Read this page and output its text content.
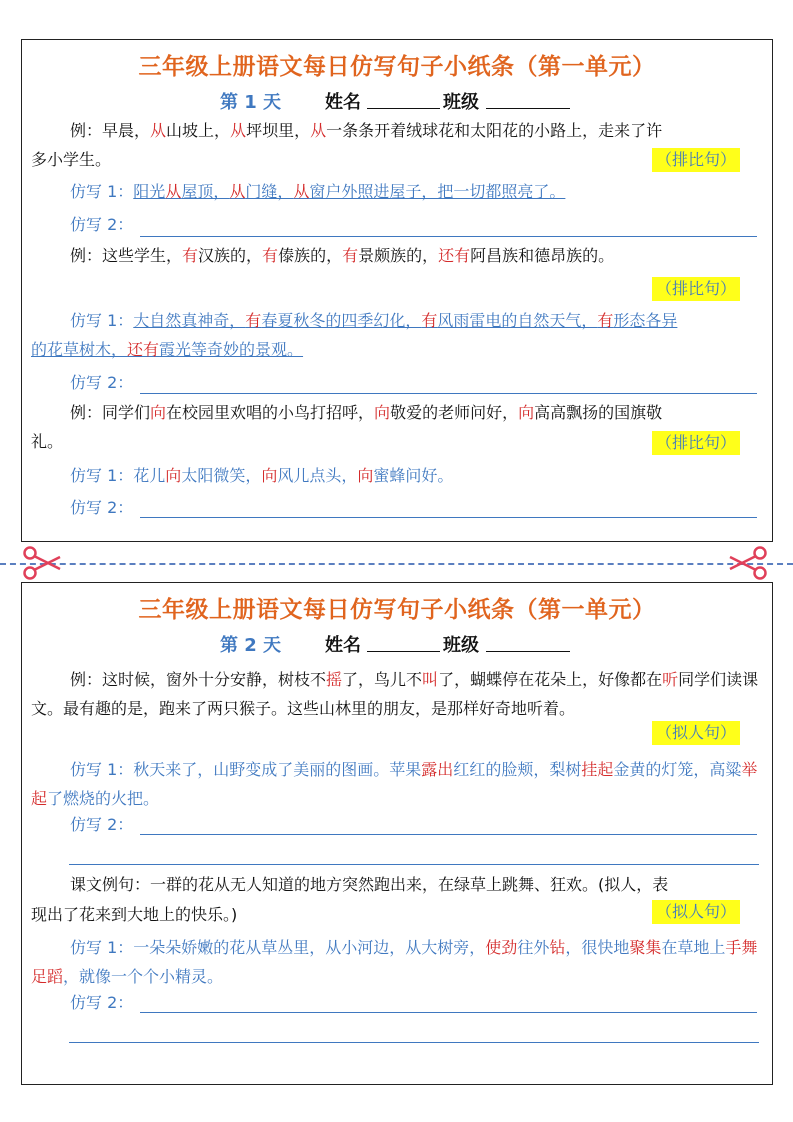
三年级上册语文每日仿写句子小纸条（第一单元）
第 1 天 姓名	班级
例：早晨，从山坡上，从坪坝里，从一条条开着绒球花和太阳花的小路上，走来了许
多小学生。	（排比句）
仿写 1：阳光从屋顶，从门缝，从窗户外照进屋子，把一切都照亮了。
仿写 2：
例：这些学生，有汉族的，有傣族的，有景颇族的，还有阿昌族和德昂族的。
（排比句）
仿写 1：大自然真神奇，有春夏秋冬的四季幻化，有风雨雷电的自然天气，有形态各异
的花草树木，还有霞光等奇妙的景观。
仿写 2：
例：同学们向在校园里欢唱的小鸟打招呼，向敬爱的老师问好，向高高飘扬的国旗敬
礼。	（排比句）
仿写 1：花儿向太阳微笑，向风儿点头，向蜜蜂问好。
仿写 2：
三年级上册语文每日仿写句子小纸条（第一单元）
第 2 天 姓名	班级
例：这时候，窗外十分安静，树枝不摇了，鸟儿不叫了，蝴蝶停在花朵上，好像都在听同学们读课文。最有趣的是，跑来了两只猴子。这些山林里的朋友，是那样好奇地听着。
（拟人句）
仿写 1：秋天来了，山野变成了美丽的图画。苹果露出红红的脸颊，梨树挂起金黄的灯笼，高粱举起了燃烧的火把。
仿写 2：
课文例句：一群的花从无人知道的地方突然跑出来，在绿草上跳舞、狂欢。(拟人，表
现出了花来到大地上的快乐。)	（拟人句）
仿写 1：一朵朵娇嫩的花从草丛里，从小河边，从大树旁，使劲往外钻，很快地聚集在草地上手舞足蹈，就像一个个小精灵。
仿写 2：
